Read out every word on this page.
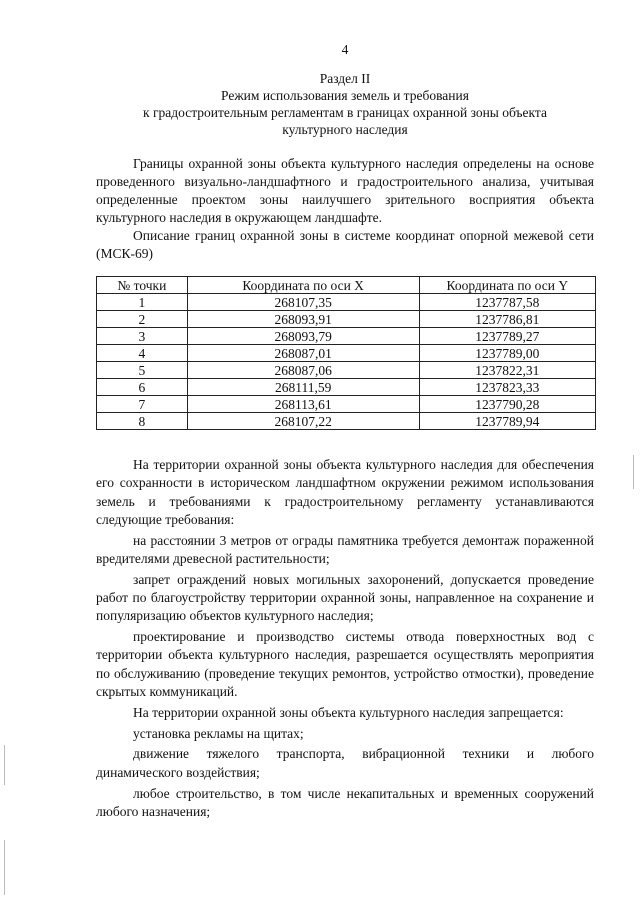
4
Раздел II
Режим использования земель и требования
к градостроительным регламентам в границах охранной зоны объекта
культурного наследия

Границы охранной зоны объекта культурного наследия определены на основе проведенного визуально-ландшафтного и градостроительного анализа, учитывая определенные проектом зоны наилучшего зрительного восприятия объекта культурного наследия в окружающем ландшафте.

Описание границ охранной зоны в системе координат опорной межевой сети (МСК-69)

№ точки	Координата по оси X	Координата по оси Y
1	268107,35	1237787,58
2	268093,91	1237786,81
3	268093,79	1237789,27
4	268087,01	1237789,00
5	268087,06	1237822,31
6	268111,59	1237823,33
7	268113,61	1237790,28
8	268107,22	1237789,94

На территории охранной зоны объекта культурного наследия для обеспечения его сохранности в историческом ландшафтном окружении режимом использования земель и требованиями к градостроительному регламенту устанавливаются следующие требования:

на расстоянии 3 метров от ограды памятника требуется демонтаж пораженной вредителями древесной растительности;

запрет ограждений новых могильных захоронений, допускается проведение работ по благоустройству территории охранной зоны, направленное на сохранение и популяризацию объектов культурного наследия;

проектирование и производство системы отвода поверхностных вод с территории объекта культурного наследия, разрешается осуществлять мероприятия по обслуживанию (проведение текущих ремонтов, устройство отмостки), проведение скрытых коммуникаций.

На территории охранной зоны объекта культурного наследия запрещается:

установка рекламы на щитах;

движение тяжелого транспорта, вибрационной техники и любого динамического воздействия;

любое строительство, в том числе некапитальных и временных сооружений любого назначения;
